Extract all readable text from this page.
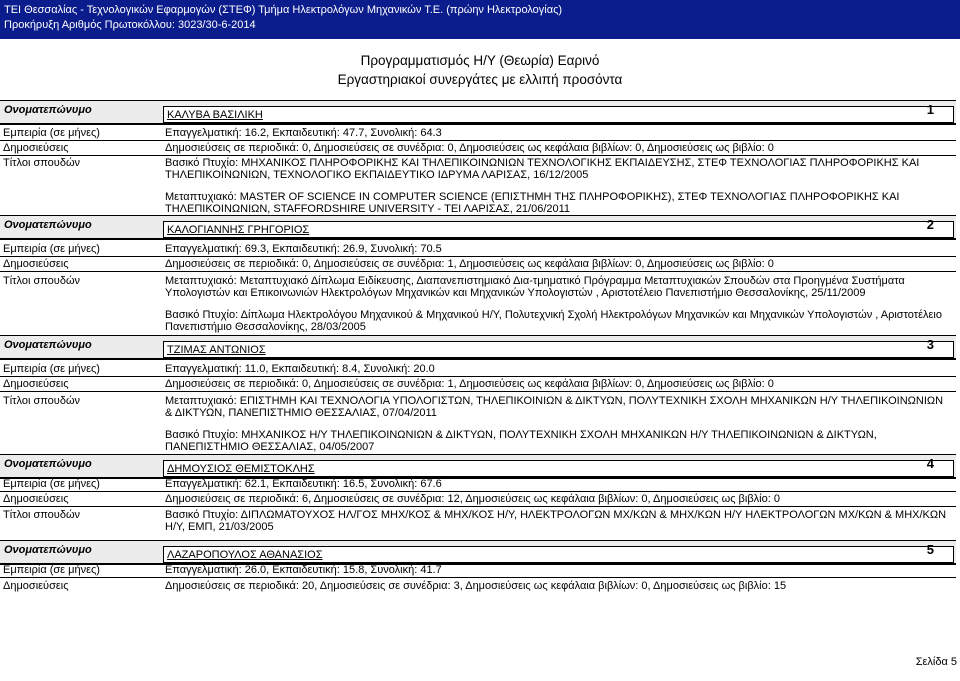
ΤΕΙ Θεσσαλίας - Τεχνολογικών Εφαρμογών (ΣΤΕΦ) Τμήμα Ηλεκτρολόγων Μηχανικών Τ.Ε. (πρώην Ηλεκτρολογίας)
Προκήρυξη Αριθμός Πρωτοκόλλου: 3023/30-6-2014
Προγραμματισμός Η/Υ (Θεωρία) Εαρινό
Εργαστηριακοί συνεργάτες με ελλιπή προσόντα
Ονοματεπώνυμο	ΚΑΛΥΒΑ ΒΑΣΙΛΙΚΗ	1
Εμπειρία (σε μήνες)	Επαγγελματική: 16.2, Εκπαιδευτική: 47.7, Συνολική: 64.3
Δημοσιεύσεις	Δημοσιεύσεις σε περιοδικά: 0, Δημοσιεύσεις σε συνέδρια: 0, Δημοσιεύσεις ως κεφάλαια βιβλίων: 0, Δημοσιεύσεις ως βιβλίο: 0
Τίτλοι σπουδών	Βασικό Πτυχίο: ΜΗΧΑΝΙΚΟΣ ΠΛΗΡΟΦΟΡΙΚΗΣ ΚΑΙ ΤΗΛΕΠΙΚΟΙΝΩΝΙΩΝ ΤΕΧΝΟΛΟΓΙΚΗΣ ΕΚΠΑΙΔΕΥΣΗΣ, ΣΤΕΦ ΤΕΧΝΟΛΟΓΙΑΣ ΠΛΗΡΟΦΟΡΙΚΗΣ ΚΑΙ ΤΗΛΕΠΙΚΟΙΝΩΝΙΩΝ, ΤΕΧΝΟΛΟΓΙΚΟ ΕΚΠΑΙΔΕΥΤΙΚΟ ΙΔΡΥΜΑ ΛΑΡΙΣΑΣ, 16/12/2005

Μεταπτυχιακό: MASTER OF SCIENCE IN COMPUTER SCIENCE (ΕΠΙΣΤΗΜΗ ΤΗΣ ΠΛΗΡΟΦΟΡΙΚΗΣ), ΣΤΕΦ ΤΕΧΝΟΛΟΓΙΑΣ ΠΛΗΡΟΦΟΡΙΚΗΣ ΚΑΙ ΤΗΛΕΠΙΚΟΙΝΩΝΙΩΝ, STAFFORDSHIRE UNIVERSITY - ΤΕΙ ΛΑΡΙΣΑΣ, 21/06/2011

Ονοματεπώνυμο	ΚΑΛΟΓΙΑΝΝΗΣ ΓΡΗΓΟΡΙΟΣ	2
Εμπειρία (σε μήνες)	Επαγγελματική: 69.3, Εκπαιδευτική: 26.9, Συνολική: 70.5
Δημοσιεύσεις	Δημοσιεύσεις σε περιοδικά: 0, Δημοσιεύσεις σε συνέδρια: 1, Δημοσιεύσεις ως κεφάλαια βιβλίων: 0, Δημοσιεύσεις ως βιβλίο: 0
Τίτλοι σπουδών	Μεταπτυχιακό: Μεταπτυχιακό Δίπλωμα Ειδίκευσης, Διαπανεπιστημιακό Δια-τμηματικό Πρόγραμμα Μεταπτυχιακών Σπουδών στα Προηγμένα Συστήματα Υπολογιστών και Επικοινωνιών Ηλεκτρολόγων Μηχανικών και Μηχανικών Υπολογιστών , Αριστοτέλειο Πανεπιστήμιο Θεσσαλονίκης, 25/11/2009

Βασικό Πτυχίο: Δίπλωμα Ηλεκτρολόγου Μηχανικού & Μηχανικού Η/Υ, Πολυτεχνική Σχολή Ηλεκτρολόγων Μηχανικών και Μηχανικών Υπολογιστών , Αριστοτέλειο Πανεπιστήμιο Θεσσαλονίκης, 28/03/2005

Ονοματεπώνυμο	ΤΖΙΜΑΣ ΑΝΤΩΝΙΟΣ	3
Εμπειρία (σε μήνες)	Επαγγελματική: 11.0, Εκπαιδευτική: 8.4, Συνολική: 20.0
Δημοσιεύσεις	Δημοσιεύσεις σε περιοδικά: 0, Δημοσιεύσεις σε συνέδρια: 1, Δημοσιεύσεις ως κεφάλαια βιβλίων: 0, Δημοσιεύσεις ως βιβλίο: 0
Τίτλοι σπουδών	Μεταπτυχιακό: ΕΠΙΣΤΗΜΗ ΚΑΙ ΤΕΧΝΟΛΟΓΙΑ ΥΠΟΛΟΓΙΣΤΩΝ, ΤΗΛΕΠΙΚΟΙΝΙΩΝ & ΔΙΚΤΥΩΝ, ΠΟΛΥΤΕΧΝΙΚΗ ΣΧΟΛΗ ΜΗΧΑΝΙΚΩΝ Η/Υ ΤΗΛΕΠΙΚΟΙΝΩΝΙΩΝ & ΔΙΚΤΥΩΝ, ΠΑΝΕΠΙΣΤΗΜΙΟ ΘΕΣΣΑΛΙΑΣ, 07/04/2011

Βασικό Πτυχίο: ΜΗΧΑΝΙΚΟΣ Η/Υ ΤΗΛΕΠΙΚΟΙΝΩΝΙΩΝ & ΔΙΚΤΥΩΝ, ΠΟΛΥΤΕΧΝΙΚΗ ΣΧΟΛΗ ΜΗΧΑΝΙΚΩΝ Η/Υ ΤΗΛΕΠΙΚΟΙΝΩΝΙΩΝ & ΔΙΚΤΥΩΝ, ΠΑΝΕΠΙΣΤΗΜΙΟ ΘΕΣΣΑΛΙΑΣ, 04/05/2007

Ονοματεπώνυμο	ΔΗΜΟΥΣΙΟΣ ΘΕΜΙΣΤΟΚΛΗΣ	4
Εμπειρία (σε μήνες)	Επαγγελματική: 62.1, Εκπαιδευτική: 16.5, Συνολική: 67.6
Δημοσιεύσεις	Δημοσιεύσεις σε περιοδικά: 6, Δημοσιεύσεις σε συνέδρια: 12, Δημοσιεύσεις ως κεφάλαια βιβλίων: 0, Δημοσιεύσεις ως βιβλίο: 0
Τίτλοι σπουδών	Βασικό Πτυχίο: ΔΙΠΛΩΜΑΤΟΥΧΟΣ ΗΛ/ΓΟΣ ΜΗΧ/ΚΟΣ & ΜΗΧ/ΚΟΣ Η/Υ, ΗΛΕΚΤΡΟΛΟΓΩΝ ΜΧ/ΚΩΝ & ΜΗΧ/ΚΩΝ Η/Υ ΗΛΕΚΤΡΟΛΟΓΩΝ ΜΧ/ΚΩΝ & ΜΗΧ/ΚΩΝ Η/Υ, ΕΜΠ, 21/03/2005

Ονοματεπώνυμο	ΛΑΖΑΡΟΠΟΥΛΟΣ ΑΘΑΝΑΣΙΟΣ	5
Εμπειρία (σε μήνες)	Επαγγελματική: 26.0, Εκπαιδευτική: 15.8, Συνολική: 41.7
Δημοσιεύσεις	Δημοσιεύσεις σε περιοδικά: 20, Δημοσιεύσεις σε συνέδρια: 3, Δημοσιεύσεις ως κεφάλαια βιβλίων: 0, Δημοσιεύσεις ως βιβλίο: 15
Σελίδα 5
